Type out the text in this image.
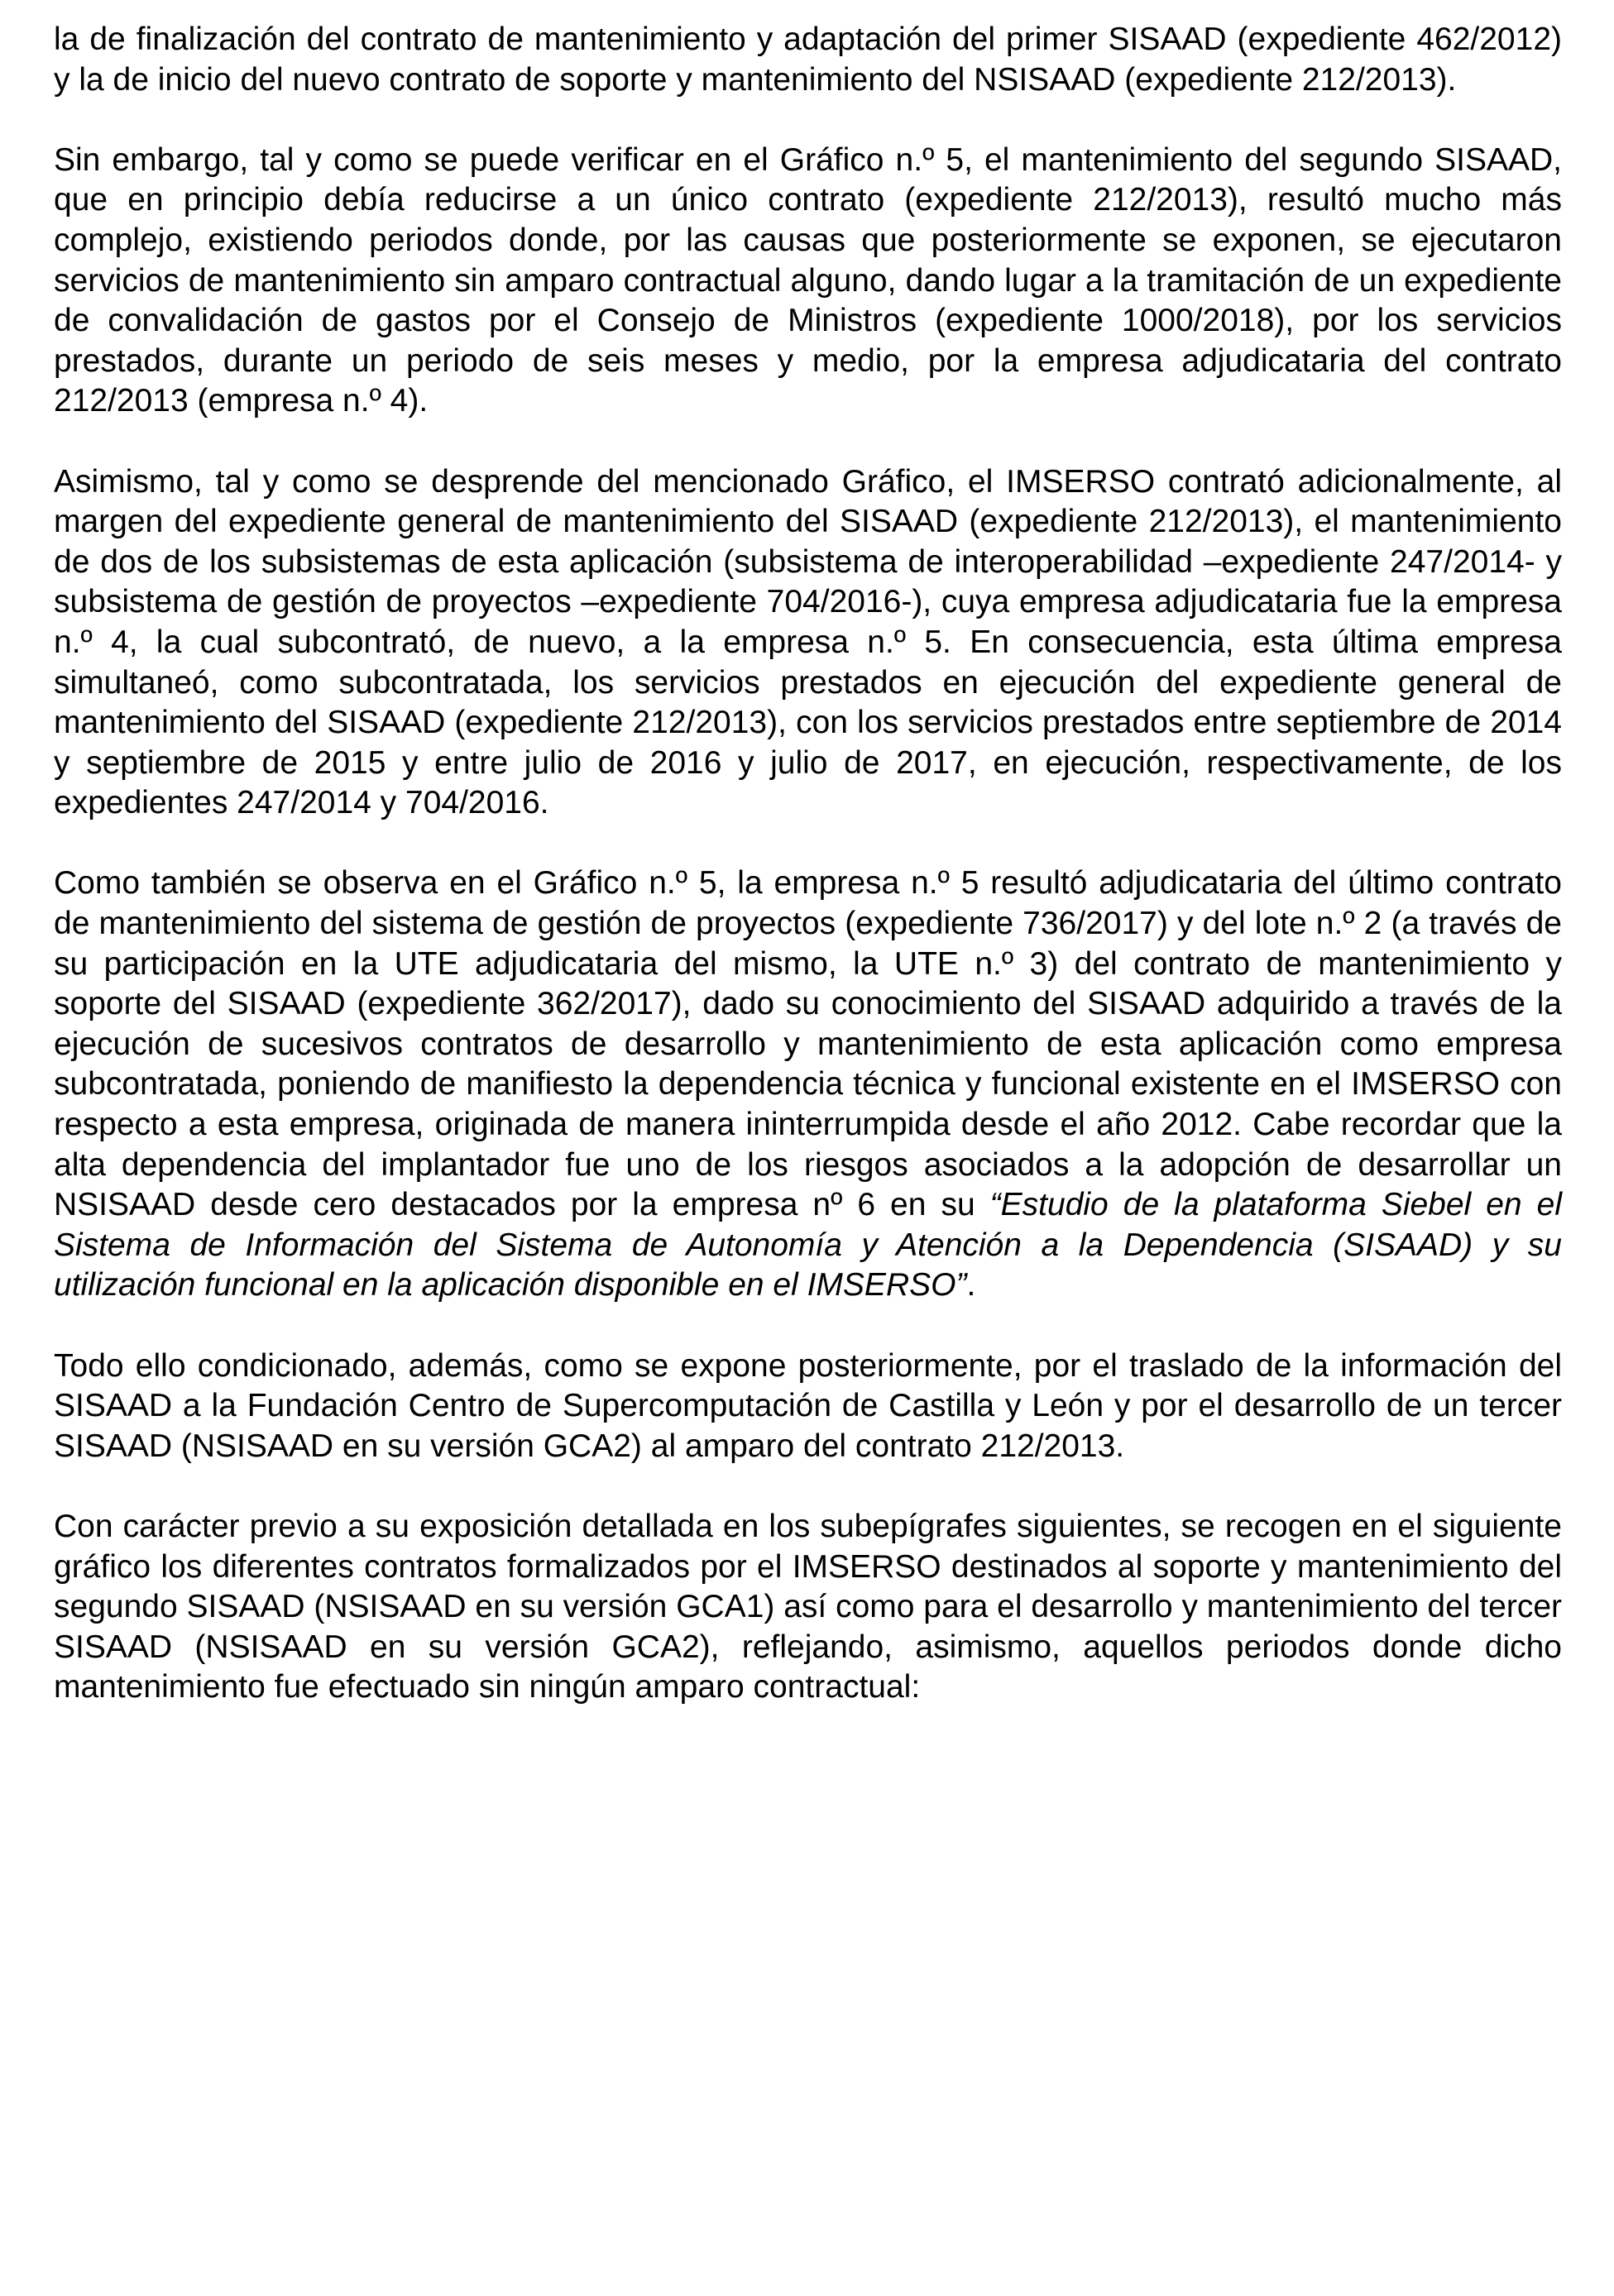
la de finalización del contrato de mantenimiento y adaptación del primer SISAAD (expediente 462/2012) y la de inicio del nuevo contrato de soporte y mantenimiento del NSISAAD (expediente 212/2013).

Sin embargo, tal y como se puede verificar en el Gráfico n.º 5, el mantenimiento del segundo SISAAD, que en principio debía reducirse a un único contrato (expediente 212/2013), resultó mucho más complejo, existiendo periodos donde, por las causas que posteriormente se exponen, se ejecutaron servicios de mantenimiento sin amparo contractual alguno, dando lugar a la tramitación de un expediente de convalidación de gastos por el Consejo de Ministros (expediente 1000/2018), por los servicios prestados, durante un periodo de seis meses y medio, por la empresa adjudicataria del contrato 212/2013 (empresa n.º 4).

Asimismo, tal y como se desprende del mencionado Gráfico, el IMSERSO contrató adicionalmente, al margen del expediente general de mantenimiento del SISAAD (expediente 212/2013), el mantenimiento de dos de los subsistemas de esta aplicación (subsistema de interoperabilidad –expediente 247/2014- y subsistema de gestión de proyectos –expediente 704/2016-), cuya empresa adjudicataria fue la empresa n.º 4, la cual subcontrató, de nuevo, a la empresa n.º 5. En consecuencia, esta última empresa simultaneó, como subcontratada, los servicios prestados en ejecución del expediente general de mantenimiento del SISAAD (expediente 212/2013), con los servicios prestados entre septiembre de 2014 y septiembre de 2015 y entre julio de 2016 y julio de 2017, en ejecución, respectivamente, de los expedientes 247/2014 y 704/2016.

Como también se observa en el Gráfico n.º 5, la empresa n.º 5 resultó adjudicataria del último contrato de mantenimiento del sistema de gestión de proyectos (expediente 736/2017) y del lote n.º 2 (a través de su participación en la UTE adjudicataria del mismo, la UTE n.º 3) del contrato de mantenimiento y soporte del SISAAD (expediente 362/2017), dado su conocimiento del SISAAD adquirido a través de la ejecución de sucesivos contratos de desarrollo y mantenimiento de esta aplicación como empresa subcontratada, poniendo de manifiesto la dependencia técnica y funcional existente en el IMSERSO con respecto a esta empresa, originada de manera ininterrumpida desde el año 2012. Cabe recordar que la alta dependencia del implantador fue uno de los riesgos asociados a la adopción de desarrollar un NSISAAD desde cero destacados por la empresa nº 6 en su “Estudio de la plataforma Siebel en el Sistema de Información del Sistema de Autonomía y Atención a la Dependencia (SISAAD) y su utilización funcional en la aplicación disponible en el IMSERSO”.

Todo ello condicionado, además, como se expone posteriormente, por el traslado de la información del SISAAD a la Fundación Centro de Supercomputación de Castilla y León y por el desarrollo de un tercer SISAAD (NSISAAD en su versión GCA2) al amparo del contrato 212/2013.

Con carácter previo a su exposición detallada en los subepígrafes siguientes, se recogen en el siguiente gráfico los diferentes contratos formalizados por el IMSERSO destinados al soporte y mantenimiento del segundo SISAAD (NSISAAD en su versión GCA1) así como para el desarrollo y mantenimiento del tercer SISAAD (NSISAAD en su versión GCA2), reflejando, asimismo, aquellos periodos donde dicho mantenimiento fue efectuado sin ningún amparo contractual:
